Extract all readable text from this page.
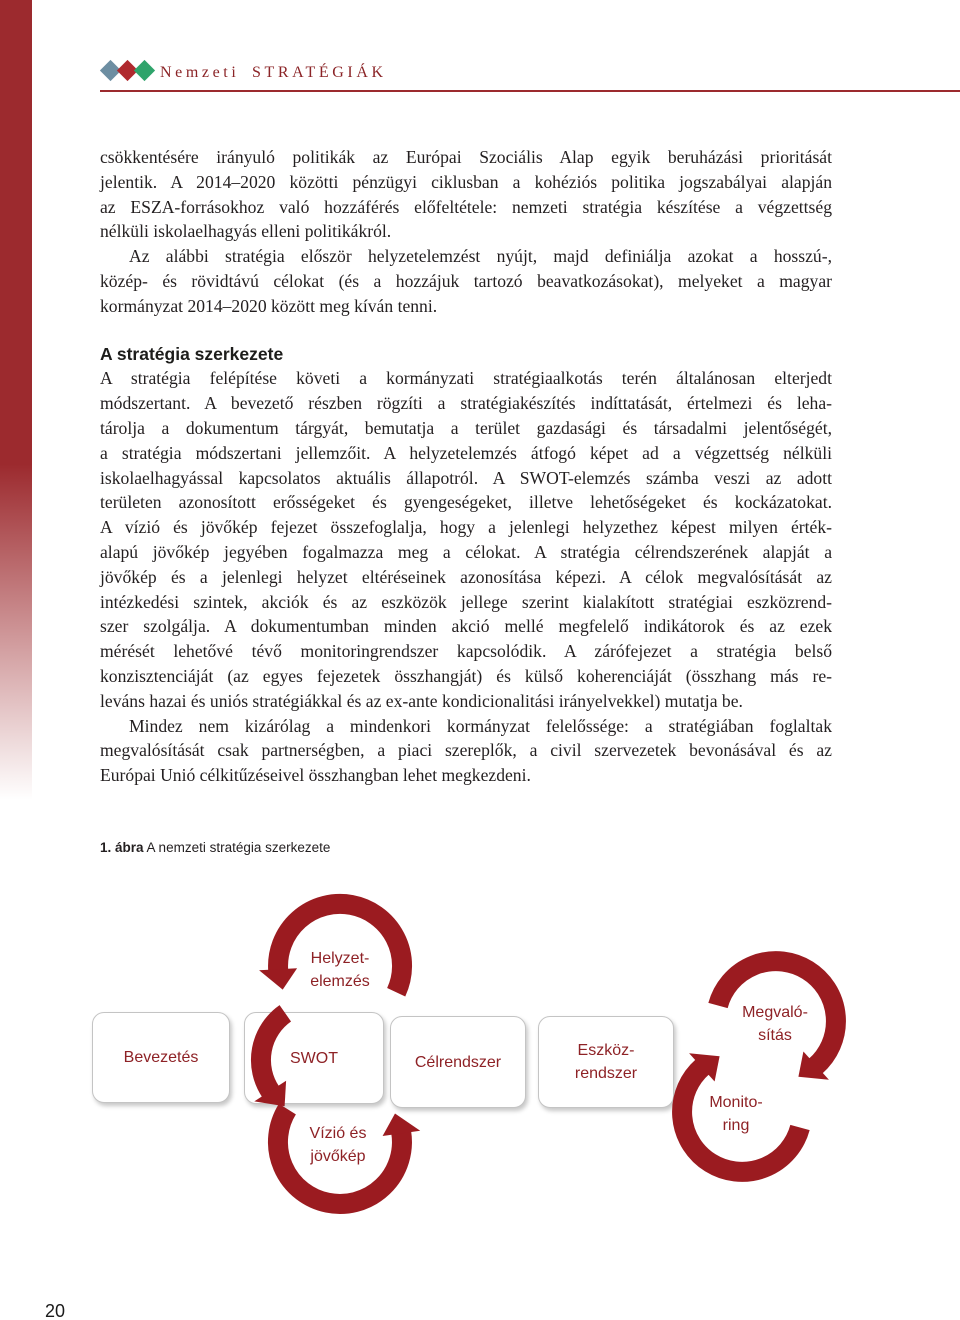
Nemzeti STRATÉGIÁK
csökkentésére irányuló politikák az Európai Szociális Alap egyik beruházási prioritását
jelentik. A 2014–2020 közötti pénzügyi ciklusban a kohéziós politika jogszabályai alapján
az ESZA-forrásokhoz való hozzáférés előfeltétele: nemzeti stratégia készítése a végzettség
nélküli iskolaelhagyás elleni politikákról.
Az alábbi stratégia először helyzetelemzést nyújt, majd definiálja azokat a hosszú-,
közép- és rövidtávú célokat (és a hozzájuk tartozó beavatkozásokat), melyeket a magyar
kormányzat 2014–2020 között meg kíván tenni.
A stratégia szerkezete
A stratégia felépítése követi a kormányzati stratégiaalkotás terén általánosan elterjedt
módszertant. A bevezető részben rögzíti a stratégiakészítés indíttatását, értelmezi és leha-
tárolja a dokumentum tárgyát, bemutatja a terület gazdasági és társadalmi jelentőségét,
a stratégia módszertani jellemzőit. A helyzetelemzés átfogó képet ad a végzettség nélküli
iskolaelhagyással kapcsolatos aktuális állapotról. A SWOT-elemzés számba veszi az adott
területen azonosított erősségeket és gyengeségeket, illetve lehetőségeket és kockázatokat.
A vízió és jövőkép fejezet összefoglalja, hogy a jelenlegi helyzethez képest milyen érték-
alapú jövőkép jegyében fogalmazza meg a célokat. A stratégia célrendszerének alapját a
jövőkép és a jelenlegi helyzet eltéréseinek azonosítása képezi. A célok megvalósítását az
intézkedési szintek, akciók és az eszközök jellege szerint kialakított stratégiai eszközrend-
szer szolgálja. A dokumentumban minden akció mellé megfelelő indikátorok és az ezek
mérését lehetővé tévő monitoringrendszer kapcsolódik. A zárófejezet a stratégia belső
konzisztenciáját (az egyes fejezetek összhangját) és külső koherenciáját (összhang más re-
leváns hazai és uniós stratégiákkal és az ex-ante kondicionalitási irányelvekkel) mutatja be.
Mindez nem kizárólag a mindenkori kormányzat felelőssége: a stratégiában foglaltak
megvalósítását csak partnerségben, a piaci szereplők, a civil szervezetek bevonásával és az
Európai Unió célkitűzéseivel összhangban lehet megkezdeni.
1. ábra A nemzeti stratégia szerkezete
Bevezetés	SWOT	Célrendszer
Eszköz-
rendszer
Helyzet-
elemzés
Vízió és
jövőkép
Megvaló-
sítás
Monito-
ring
20
